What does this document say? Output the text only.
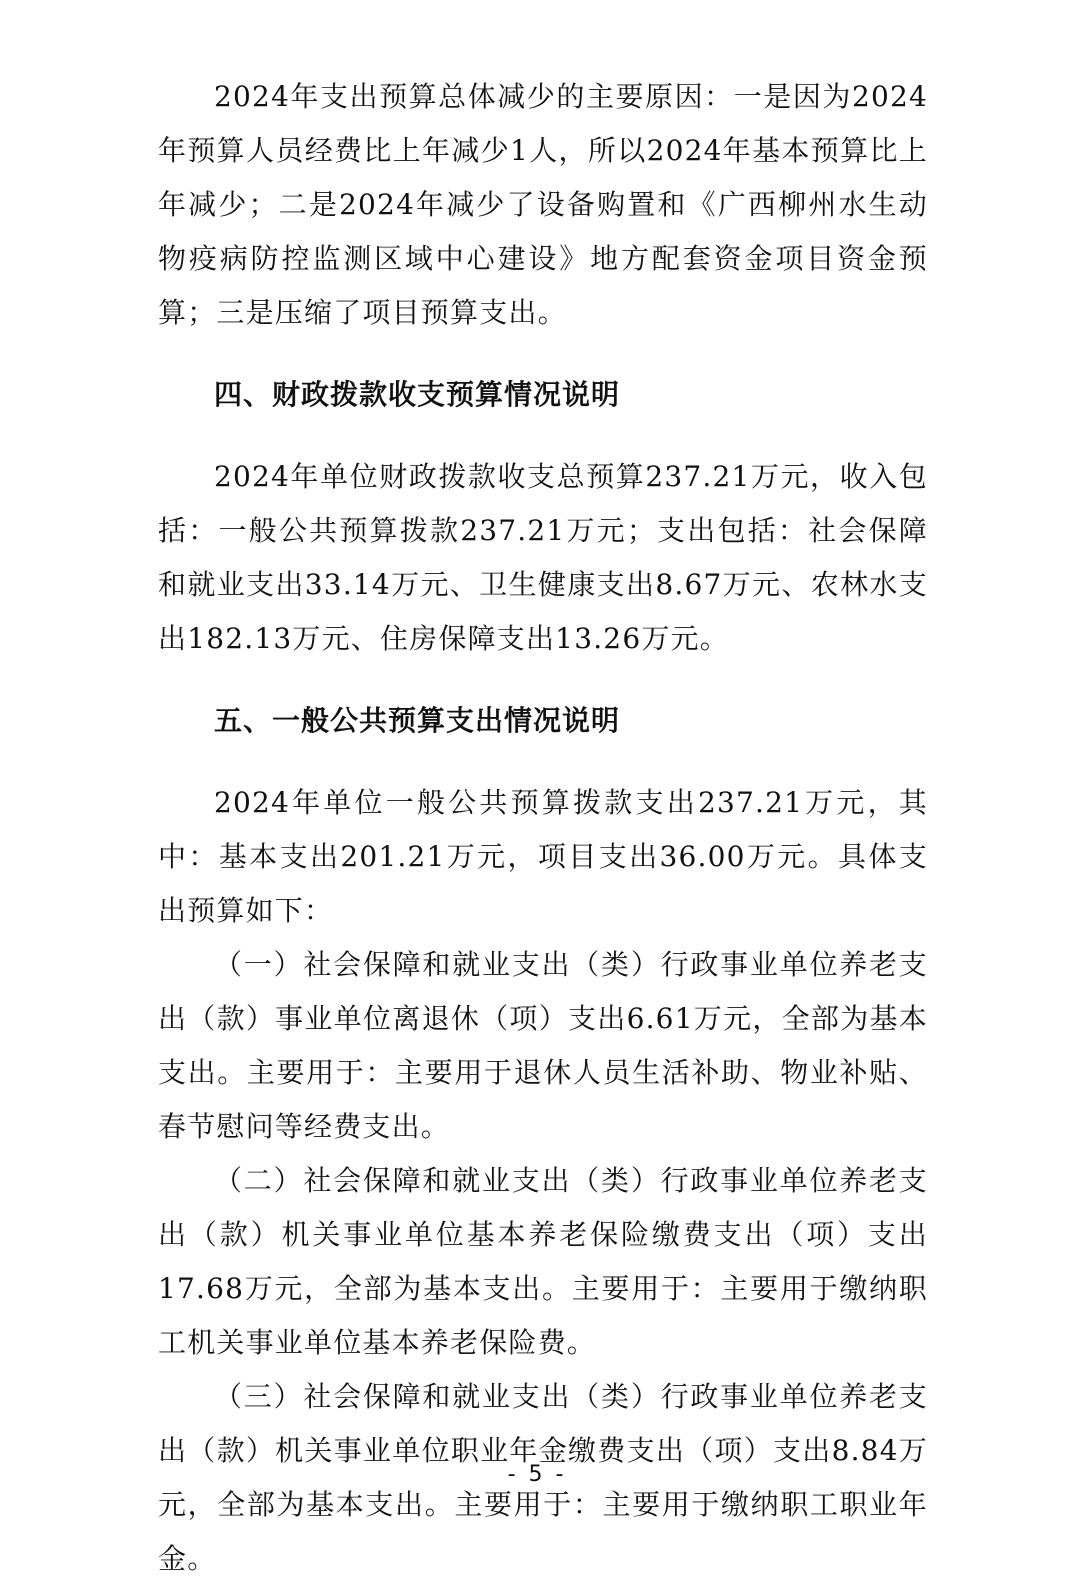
2024年支出预算总体减少的主要原因：一是因为2024年预算人员经费比上年减少1人，所以2024年基本预算比上年减少；二是2024年减少了设备购置和《广西柳州水生动物疫病防控监测区域中心建设》地方配套资金项目资金预算；三是压缩了项目预算支出。

四、财政拨款收支预算情况说明

2024年单位财政拨款收支总预算237.21万元，收入包括：一般公共预算拨款237.21万元；支出包括：社会保障和就业支出33.14万元、卫生健康支出8.67万元、农林水支出182.13万元、住房保障支出13.26万元。

五、一般公共预算支出情况说明

2024年单位一般公共预算拨款支出237.21万元，其中：基本支出201.21万元，项目支出36.00万元。具体支出预算如下：

（一）社会保障和就业支出（类）行政事业单位养老支出（款）事业单位离退休（项）支出6.61万元，全部为基本支出。主要用于：主要用于退休人员生活补助、物业补贴、春节慰问等经费支出。

（二）社会保障和就业支出（类）行政事业单位养老支出（款）机关事业单位基本养老保险缴费支出（项）支出17.68万元，全部为基本支出。主要用于：主要用于缴纳职工机关事业单位基本养老保险费。

（三）社会保障和就业支出（类）行政事业单位养老支出（款）机关事业单位职业年金缴费支出（项）支出8.84万元，全部为基本支出。主要用于：主要用于缴纳职工职业年金。

- 5 -
